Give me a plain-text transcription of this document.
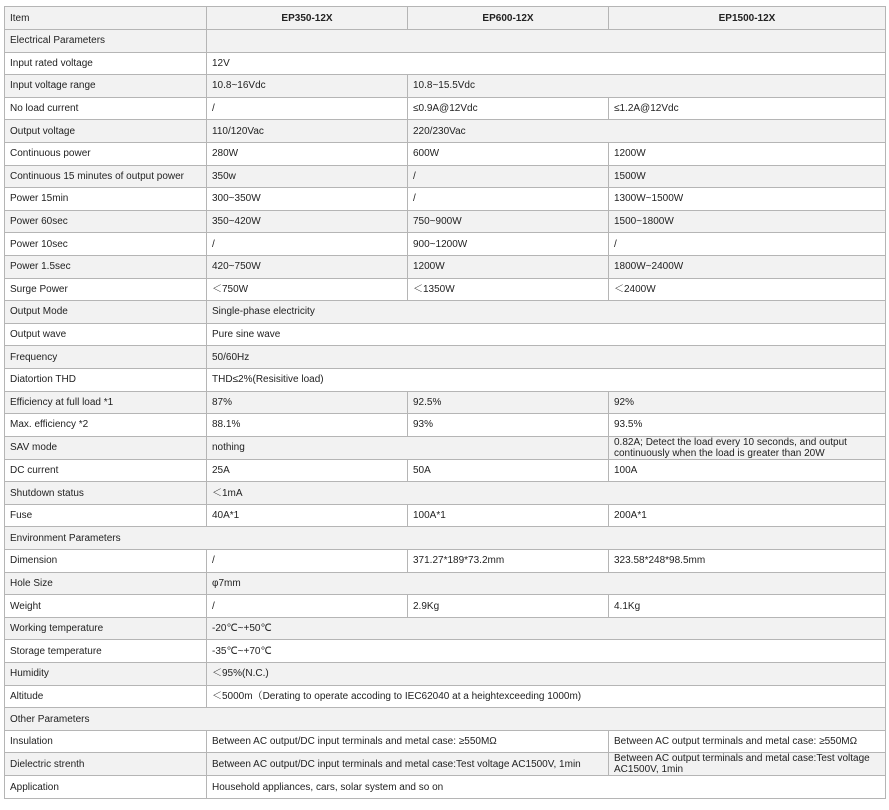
Item	EP350-12X	EP600-12X	EP1500-12X
Electrical Parameters			
Input rated voltage	12V		
Input voltage range	10.8~16Vdc	10.8~15.5Vdc	
No load current	/	≤0.9A@12Vdc	≤1.2A@12Vdc
Output voltage	110/120Vac	220/230Vac	
Continuous power	280W	600W	1200W
Continuous 15 minutes of output power	350w	/	1500W
Power 15min	300~350W	/	1300W~1500W
Power 60sec	350~420W	750~900W	1500~1800W
Power 10sec	/	900~1200W	/
Power 1.5sec	420~750W	1200W	1800W~2400W
Surge Power	＜750W	＜1350W	＜2400W
Output Mode	Single-phase electricity		
Output wave	Pure sine wave		
Frequency	50/60Hz		
Diatortion THD	THD≤2%(Resisitive load)		
Efficiency at full load *1	87%	92.5%	92%
Max. efficiency *2	88.1%	93%	93.5%
SAV mode	nothing		0.82A; Detect the load every 10 seconds, and output continuously when the load is greater than 20W
DC current	25A	50A	100A
Shutdown status	＜1mA		
Fuse	40A*1	100A*1	200A*1
Environment Parameters			
Dimension	/	371.27*189*73.2mm	323.58*248*98.5mm
Hole Size	φ7mm		
Weight	/	2.9Kg	4.1Kg
Working temperature	-20℃~+50℃		
Storage temperature	-35℃~+70℃		
Humidity	＜95%(N.C.)		
Altitude	＜5000m（Derating to operate accoding to IEC62040 at a heightexceeding 1000m)		
Other Parameters			
Insulation	Between AC output/DC input terminals and metal case: ≥550MΩ		Between AC output terminals and metal case: ≥550MΩ
Dielectric strenth	Between AC output/DC input terminals and metal case:Test voltage AC1500V, 1min		Between AC output terminals and metal case:Test voltage AC1500V, 1min
Application	Household appliances, cars, solar system and so on		
